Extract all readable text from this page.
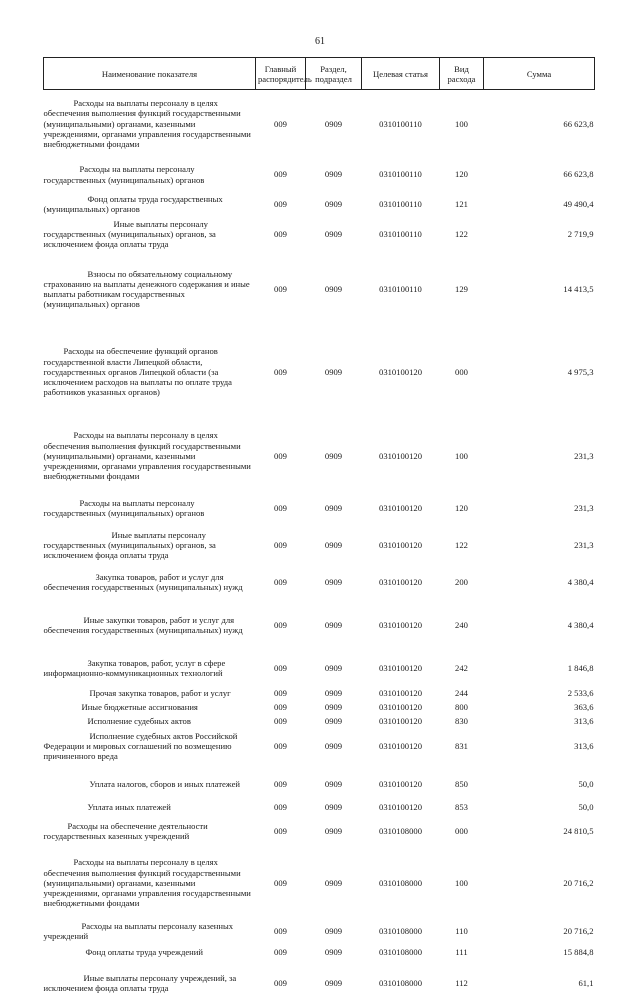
61
Наименование показателя	Главный распорядитель	Раздел, подраздел	Целевая статья	Вид расхода	Сумма

Расходы на выплаты персоналу в целях обеспечения выполнения функций государственными (муниципальными) органами, казенными учреждениями, органами управления государственными внебюджетными фондами	009	0909	0310100110	100	66 623,8

Расходы на выплаты персоналу государственных (муниципальных) органов	009	0909	0310100110	120	66 623,8

Фонд оплаты труда государственных (муниципальных) органов	009	0909	0310100110	121	49 490,4

Иные выплаты персоналу государственных (муниципальных) органов, за исключением фонда оплаты труда	009	0909	0310100110	122	2 719,9

Взносы по обязательному социальному страхованию на выплаты денежного содержания и иные выплаты работникам государственных (муниципальных) органов	009	0909	0310100110	129	14 413,5

Расходы на обеспечение функций органов государственной власти Липецкой области, государственных органов Липецкой области (за исключением расходов на выплаты по оплате труда работников указанных органов)	009	0909	0310100120	000	4 975,3

Расходы на выплаты персоналу в целях обеспечения выполнения функций государственными (муниципальными) органами, казенными учреждениями, органами управления государственными внебюджетными фондами	009	0909	0310100120	100	231,3

Расходы на выплаты персоналу государственных (муниципальных) органов	009	0909	0310100120	120	231,3

Иные выплаты персоналу государственных (муниципальных) органов, за исключением фонда оплаты труда	009	0909	0310100120	122	231,3

Закупка товаров, работ и услуг для обеспечения государственных (муниципальных) нужд	009	0909	0310100120	200	4 380,4

Иные закупки товаров, работ и услуг для обеспечения государственных (муниципальных) нужд	009	0909	0310100120	240	4 380,4

Закупка товаров, работ, услуг в сфере информационно-коммуникационных технологий	009	0909	0310100120	242	1 846,8

Прочая закупка товаров, работ и услуг	009	0909	0310100120	244	2 533,6

Иные бюджетные ассигнования	009	0909	0310100120	800	363,6

Исполнение судебных актов	009	0909	0310100120	830	313,6

Исполнение судебных актов Российской Федерации и мировых соглашений по возмещению причиненного вреда	009	0909	0310100120	831	313,6

Уплата налогов, сборов и иных платежей	009	0909	0310100120	850	50,0

Уплата иных платежей	009	0909	0310100120	853	50,0

Расходы на обеспечение деятельности государственных казенных учреждений	009	0909	0310108000	000	24 810,5

Расходы на выплаты персоналу в целях обеспечения выполнения функций государственными (муниципальными) органами, казенными учреждениями, органами управления государственными внебюджетными фондами	009	0909	0310108000	100	20 716,2

Расходы на выплаты персоналу казенных учреждений	009	0909	0310108000	110	20 716,2

Фонд оплаты труда учреждений	009	0909	0310108000	111	15 884,8

Иные выплаты персоналу учреждений, за исключением фонда оплаты труда	009	0909	0310108000	112	61,1
